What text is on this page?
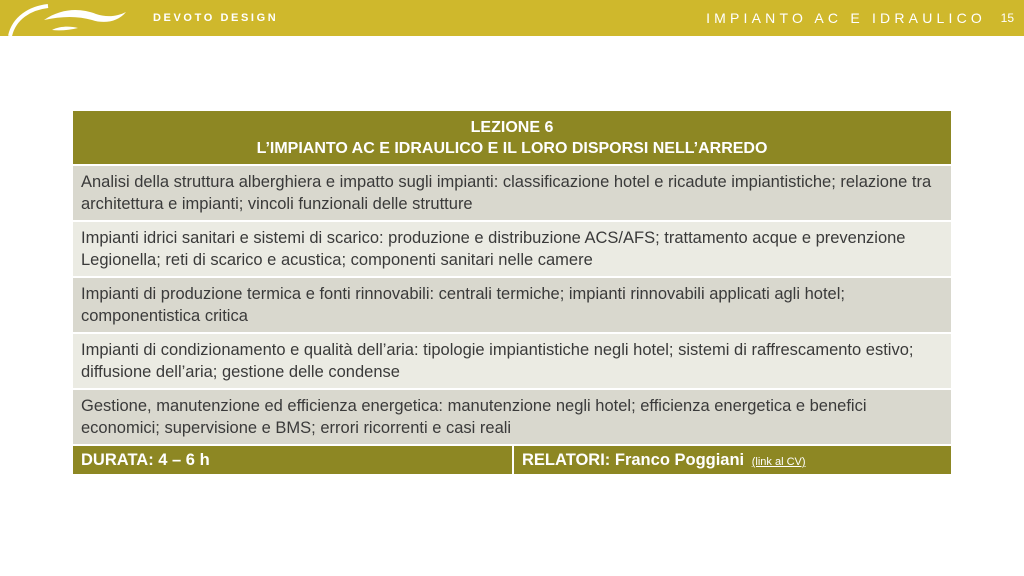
DEVOTO DESIGN	IMPIANTO AC E IDRAULICO 15
LEZIONE 6
L’IMPIANTO AC E IDRAULICO E IL LORO DISPORSI NELL’ARREDO
Analisi della struttura alberghiera e impatto sugli impianti: classificazione hotel e ricadute impiantistiche; relazione tra architettura e impianti; vincoli funzionali delle strutture
Impianti idrici sanitari e sistemi di scarico: produzione e distribuzione ACS/AFS; trattamento acque e prevenzione Legionella; reti di scarico e acustica; componenti sanitari nelle camere
Impianti di produzione termica e fonti rinnovabili: centrali termiche; impianti rinnovabili applicati agli hotel; componentistica critica
Impianti di condizionamento e qualità dell’aria: tipologie impiantistiche negli hotel; sistemi di raffrescamento estivo; diffusione dell’aria; gestione delle condense
Gestione, manutenzione ed efficienza energetica: manutenzione negli hotel; efficienza energetica e benefici economici; supervisione e BMS; errori ricorrenti e casi reali
DURATA: 4 – 6 h	RELATORI: Franco Poggiani (link al CV)
